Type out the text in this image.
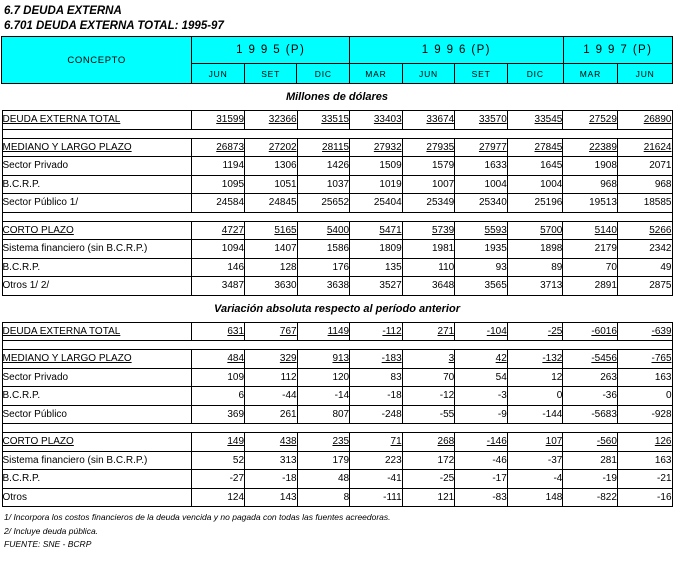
6.7 DEUDA EXTERNA
6.701 DEUDA EXTERNA TOTAL: 1995-97
CONCEPTO	1 9 9 5 (P)	1 9 9 6 (P)	1 9 9 7 (P)
JUN	SET	DIC	MAR	JUN	SET	DIC	MAR	JUN

Millones de dólares
DEUDA EXTERNA TOTAL	31599	32366	33515	33403	33674	33570	33545	27529	26890

MEDIANO Y LARGO PLAZO	26873	27202	28115	27932	27935	27977	27845	22389	21624
Sector Privado	1194	1306	1426	1509	1579	1633	1645	1908	2071
B.C.R.P.	1095	1051	1037	1019	1007	1004	1004	968	968
Sector Público 1/	24584	24845	25652	25404	25349	25340	25196	19513	18585

CORTO PLAZO	4727	5165	5400	5471	5739	5593	5700	5140	5266
Sistema financiero (sin B.C.R.P.)	1094	1407	1586	1809	1981	1935	1898	2179	2342
B.C.R.P.	146	128	176	135	110	93	89	70	49
Otros 1/ 2/	3487	3630	3638	3527	3648	3565	3713	2891	2875
Variación absoluta respecto al período anterior
DEUDA EXTERNA TOTAL	631	767	1149	-112	271	-104	-25	-6016	-639

MEDIANO Y LARGO PLAZO	484	329	913	-183	3	42	-132	-5456	-765
Sector Privado	109	112	120	83	70	54	12	263	163
B.C.R.P.	6	-44	-14	-18	-12	-3	0	-36	0
Sector Público	369	261	807	-248	-55	-9	-144	-5683	-928

CORTO PLAZO	149	438	235	71	268	-146	107	-560	126
Sistema financiero (sin B.C.R.P.)	52	313	179	223	172	-46	-37	281	163
B.C.R.P.	-27	-18	48	-41	-25	-17	-4	-19	-21
Otros	124	143	8	-111	121	-83	148	-822	-16
1/ Incorpora los costos financieros de la deuda vencida y no pagada con todas las fuentes acreedoras.
2/ Incluye deuda pública.
FUENTE: SNE - BCRP
